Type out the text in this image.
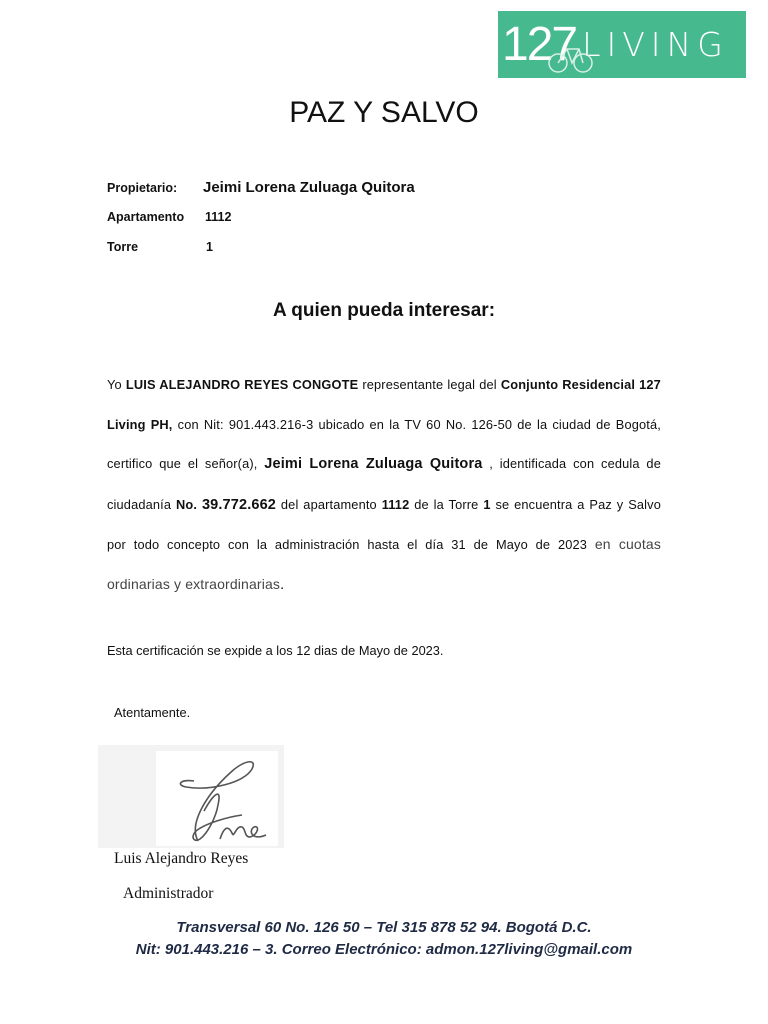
127 LIVING
PAZ Y SALVO
Propietario: Jeimi Lorena Zuluaga Quitora
Apartamento 1112
Torre	1
A quien pueda interesar:
Yo LUIS ALEJANDRO REYES CONGOTE representante legal del Conjunto Residencial 127 Living PH, con Nit: 901.443.216-3 ubicado en la TV 60 No. 126-50 de la ciudad de Bogotá, certifico que el señor(a), Jeimi Lorena Zuluaga Quitora , identificada con cedula de ciudadanía No. 39.772.662 del apartamento 1112 de la Torre 1 se encuentra a Paz y Salvo por todo concepto con la administración hasta el día 31 de Mayo de 2023 en cuotas ordinarias y extraordinarias.
Esta certificación se expide a los 12 dias de Mayo de 2023.
Atentamente.
Luis Alejandro Reyes
Administrador
Transversal 60 No. 126 50 – Tel 315 878 52 94. Bogotá D.C.
Nit: 901.443.216 – 3. Correo Electrónico: admon.127living@gmail.com
